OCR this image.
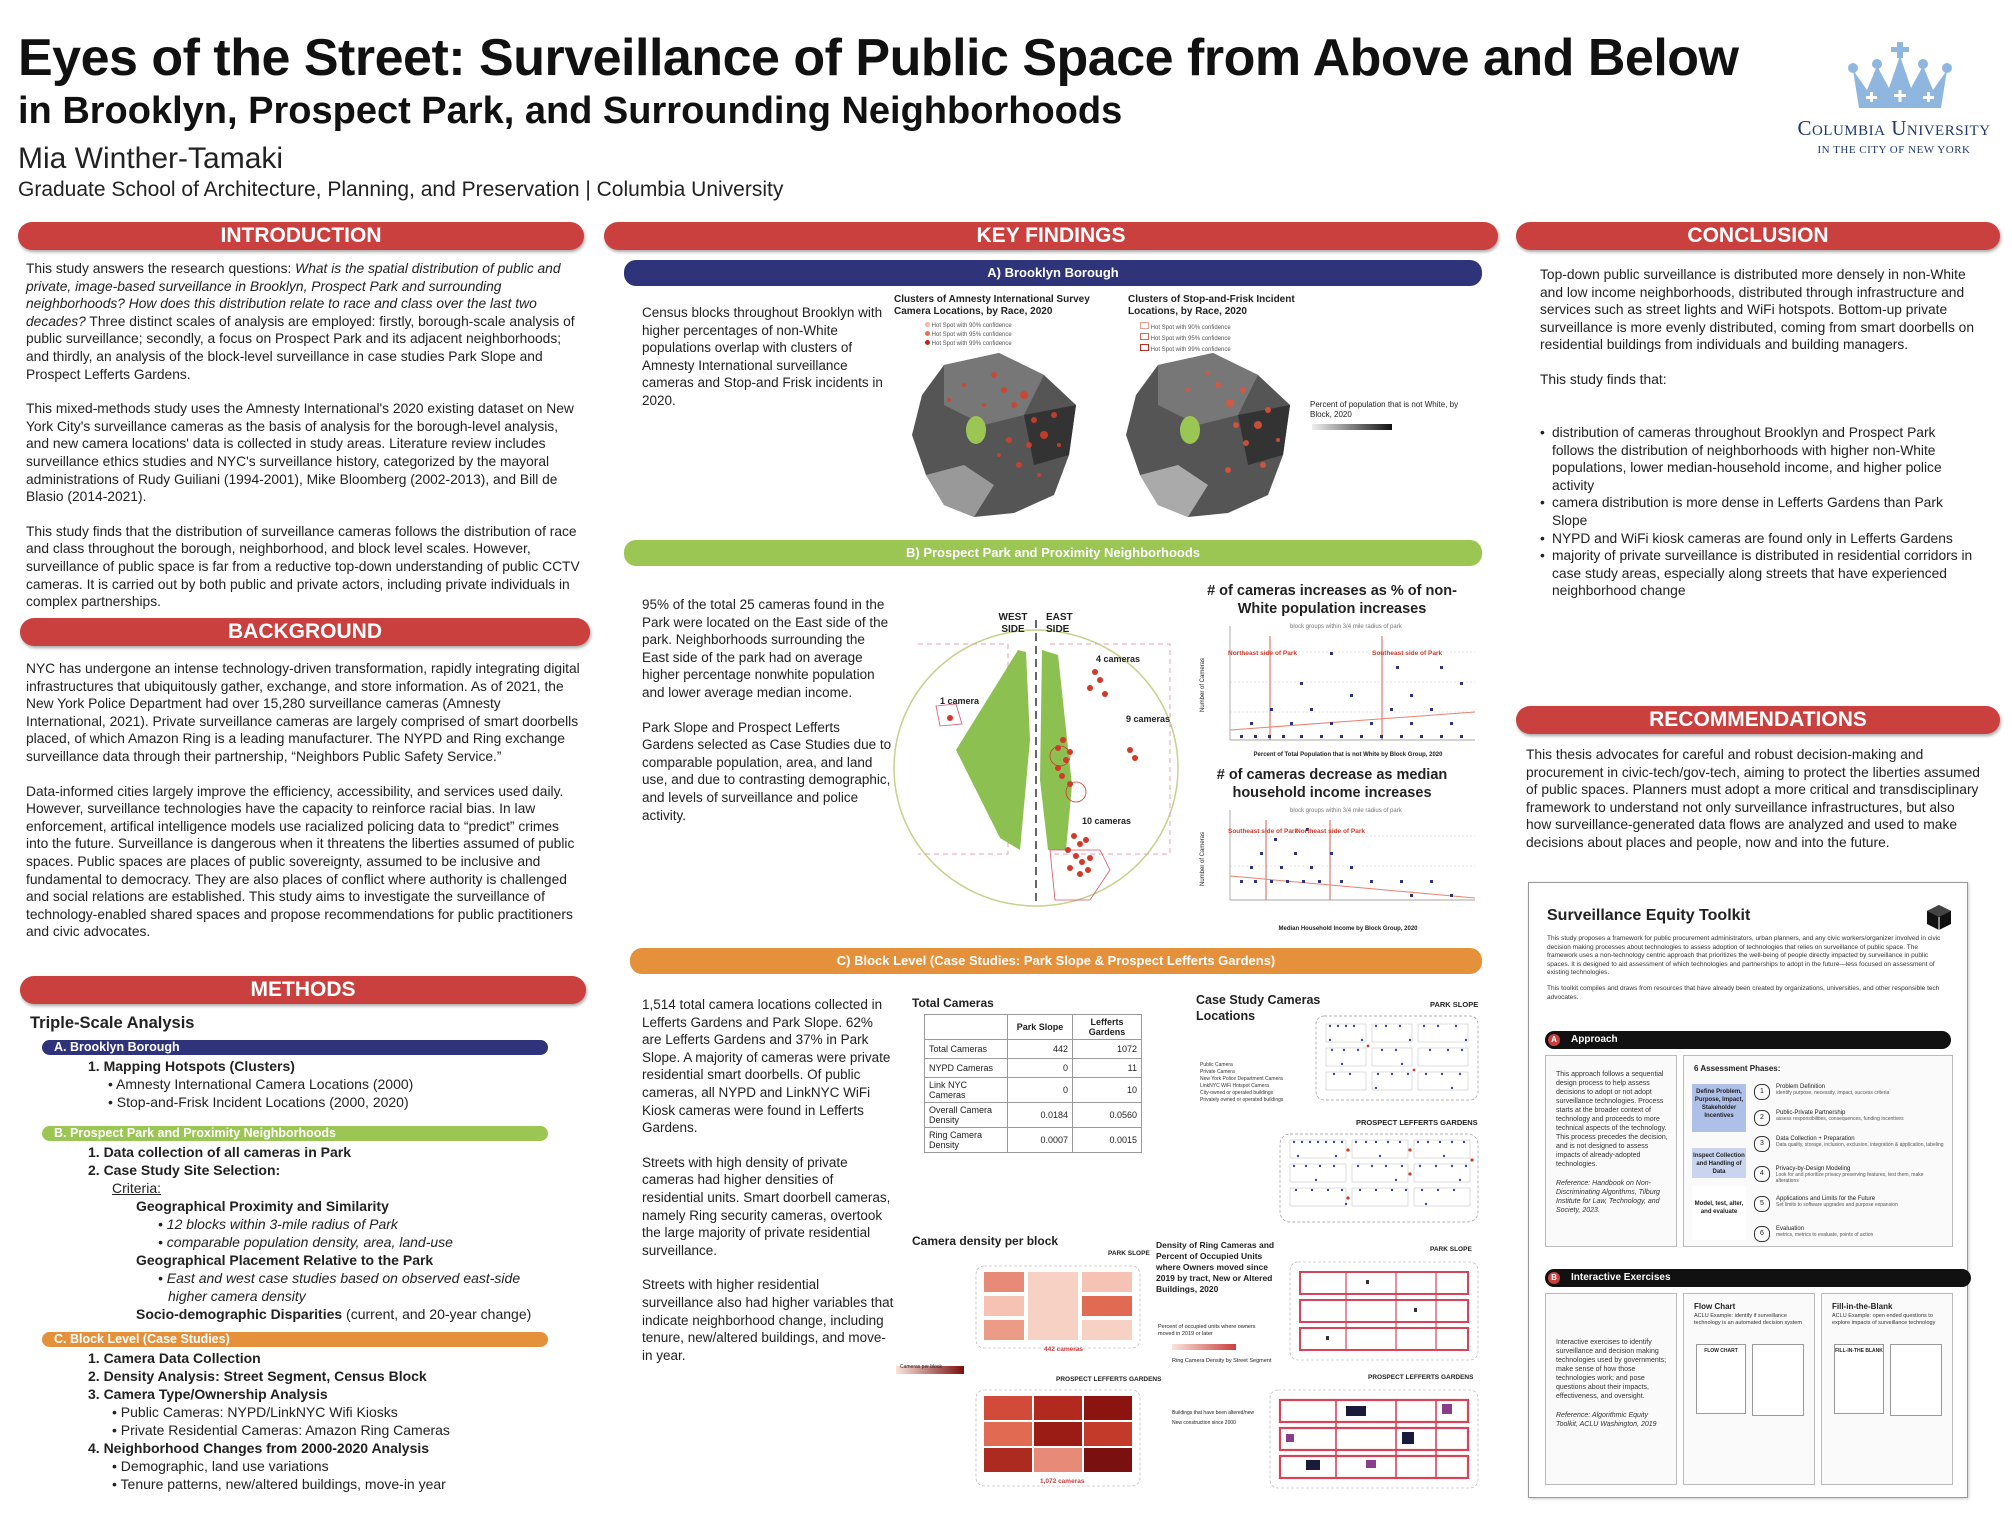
Eyes of the Street: Surveillance of Public Space from Above and Below
in Brooklyn, Prospect Park, and Surrounding Neighborhoods
Mia Winther-Tamaki
Graduate School of Architecture, Planning, and Preservation | Columbia University
Columbia University
IN THE CITY OF NEW YORK
INTRODUCTION

This study answers the research questions: What is the spatial distribution of public and private, image-based surveillance in Brooklyn, Prospect Park and surrounding neighborhoods? How does this distribution relate to race and class over the last two decades? Three distinct scales of analysis are employed: firstly, borough-scale analysis of public surveillance; secondly, a focus on Prospect Park and its adjacent neighborhoods; and thirdly, an analysis of the block-level surveillance in case studies Park Slope and Prospect Lefferts Gardens.

This mixed-methods study uses the Amnesty International's 2020 existing dataset on New York City's surveillance cameras as the basis of analysis for the borough-level analysis, and new camera locations' data is collected in study areas. Literature review includes surveillance ethics studies and NYC's surveillance history, categorized by the mayoral administrations of Rudy Guiliani (1994-2001), Mike Bloomberg (2002-2013), and Bill de Blasio (2014-2021).

This study finds that the distribution of surveillance cameras follows the distribution of race and class throughout the borough, neighborhood, and block level scales. However, surveillance of public space is far from a reductive top-down understanding of public CCTV cameras. It is carried out by both public and private actors, including private individuals in complex partnerships.

BACKGROUND

NYC has undergone an intense technology-driven transformation, rapidly integrating digital infrastructures that ubiquitously gather, exchange, and store information. As of 2021, the New York Police Department had over 15,280 surveillance cameras (Amnesty International, 2021). Private surveillance cameras are largely comprised of smart doorbells placed, of which Amazon Ring is a leading manufacturer. The NYPD and Ring exchange surveillance data through their partnership, “Neighbors Public Safety Service.”

Data-informed cities largely improve the efficiency, accessibility, and services used daily. However, surveillance technologies have the capacity to reinforce racial bias. In law enforcement, artifical intelligence models use racialized policing data to “predict” crimes into the future. Surveillance is dangerous when it threatens the liberties assumed of public spaces. Public spaces are places of public sovereignty, assumed to be inclusive and fundamental to democracy. They are also places of conflict where authority is challenged and social relations are established. This study aims to investigate the surveillance of technology-enabled shared spaces and propose recommendations for public practitioners and civic advocates.

METHODS
Triple-Scale Analysis
A. Brooklyn Borough
1. Mapping Hotspots (Clusters)
• Amnesty International Camera Locations (2000)
• Stop-and-Frisk Incident Locations (2000, 2020)
B. Prospect Park and Proximity Neighborhoods
1. Data collection of all cameras in Park
2. Case Study Site Selection:
Criteria:
Geographical Proximity and Similarity
• 12 blocks within 3-mile radius of Park
• comparable population density, area, land-use
Geographical Placement Relative to the Park
• East and west case studies based on observed east-side
higher camera density
Socio-demographic Disparities (current, and 20-year change)
C. Block Level (Case Studies)
1. Camera Data Collection
2. Density Analysis: Street Segment, Census Block
3. Camera Type/Ownership Analysis
• Public Cameras: NYPD/LinkNYC Wifi Kiosks
• Private Residential Cameras: Amazon Ring Cameras
4. Neighborhood Changes from 2000-2020 Analysis
• Demographic, land use variations
• Tenure patterns, new/altered buildings, move-in year
KEY FINDINGS
A) Brooklyn Borough
Census blocks throughout Brooklyn with higher percentages of non-White populations overlap with clusters of Amnesty International surveillance cameras and Stop-and Frisk incidents in 2020.
Clusters of Amnesty International Survey Camera Locations, by Race, 2020
Clusters of Stop-and-Frisk Incident Locations, by Race, 2020
Hot Spot with 90% confidence
Hot Spot with 95% confidence
Hot Spot with 99% confidence
Hot Spot with 90% confidence
Hot Spot with 95% confidence
Hot Spot with 99% confidence
Percent of population that is not White, by Block, 2020
B) Prospect Park and Proximity Neighborhoods

95% of the total 25 cameras found in the Park were located on the East side of the park. Neighborhoods surrounding the East side of the park had on average higher percentage nonwhite population and lower average median income.

Park Slope and Prospect Lefferts Gardens selected as Case Studies due to comparable population, area, and land use, and due to contrasting demographic, and levels of surveillance and police activity.

WEST SIDE
EAST SIDE
1 camera
4 cameras
9 cameras
10 cameras
# of cameras increases as % of non-White population increases
block groups within 3/4 mile radius of park
Northeast side of Park	Southeast side of Park
Percent of Total Population that is not White by Block Group, 2020
Number of Cameras
# of cameras decrease as median household income increases
block groups within 3/4 mile radius of park
Southeast side of Park
Northeast side of Park
Median Household Income by Block Group, 2020
Number of Cameras
C) Block Level (Case Studies: Park Slope & Prospect Lefferts Gardens)

1,514 total camera locations collected in Lefferts Gardens and Park Slope. 62% are Lefferts Gardens and 37% in Park Slope. A majority of cameras were private residential smart doorbells. Of public cameras, all NYPD and LinkNYC WiFi Kiosk cameras were found in Lefferts Gardens.

Streets with high density of private cameras had higher densities of residential units. Smart doorbell cameras, namely Ring security cameras, overtook the large majority of private residential surveillance.

Streets with higher residential surveillance also had higher variables that indicate neighborhood change, including tenure, new/altered buildings, and move-in year.

Total Cameras
	Park Slope	Lefferts Gardens
Total Cameras	442	1072
NYPD Cameras	0	11
Link NYC Cameras	0	10
Overall Camera Density	0.0184	0.0560
Ring Camera Density	0.0007	0.0015
Case Study Cameras Locations
Public Camera
Private Camera
New York Police Department Camera
LinkNYC WiFi Hotspot Camera
City-owned or operated buildings
Privately owned or operated buildings
PARK SLOPE
PROSPECT LEFFERTS GARDENS
Camera density per block
PARK SLOPE
442 cameras
Cameras per block
PROSPECT LEFFERTS GARDENS
1,072 cameras
Density of Ring Cameras and Percent of Occupied Units where Owners moved since 2019 by tract, New or Altered Buildings, 2020
Percent of occupied units where owners moved in 2019 or later
Ring Camera Density by Street Segment
Buildings that have been altered/new
New construction since 2000
PARK SLOPE
PROSPECT LEFFERTS GARDENS
CONCLUSION

Top-down public surveillance is distributed more densely in non-White and low income neighborhoods, distributed through infrastructure and services such as street lights and WiFi hotspots. Bottom-up private surveillance is more evenly distributed, coming from smart doorbells on residential buildings from individuals and building managers.

This study finds that:

• distribution of cameras throughout Brooklyn and Prospect Park follows the distribution of neighborhoods with higher non-White populations, lower median-household income, and higher police activity
• camera distribution is more dense in Lefferts Gardens than Park Slope
• NYPD and WiFi kiosk cameras are found only in Lefferts Gardens
• majority of private surveillance is distributed in residential corridors in case study areas, especially along streets that have experienced neighborhood change
RECOMMENDATIONS
This thesis advocates for careful and robust decision-making and procurement in civic-tech/gov-tech, aiming to protect the liberties assumed of public spaces. Planners must adopt a more critical and transdisciplinary framework to understand not only surveillance infrastructures, but also how surveillance-generated data flows are analyzed and used to make decisions about places and people, now and into the future.
Surveillance Equity Toolkit
This study proposes a framework for public procurement administrators, urban planners, and any civic workers/organizer involved in civic decision making processes about technologies to assess adoption of technologies that relies on surveillance of public space. The framework uses a non-technology centric approach that prioritizes the well-being of people directly impacted by surveillance in public spaces. It is designed to aid assessment of which technologies and partnerships to adopt in the future—less focused on assessment of existing technologies.
This toolkit compiles and draws from resources that have already been created by organizations, universities, and other responsible tech advocates.
A	Approach
This approach follows a sequential design process to help assess decisions to adopt or not adopt surveillance technologies. Process starts at the broader context of technology and proceeds to more technical aspects of the technology. This process precedes the decision, and is not designed to assess impacts of already-adopted technologies.
Reference: Handbook on Non-Discriminating Algorithms, Tilburg Institute for Law, Technology, and Society, 2023.
6 Assessment Phases:
Define Problem, Purpose, Impact, Stakeholder Incentives
Inspect Collection and Handling of Data
Model, test, alter, and evaluate
1
Problem Definition
identify purpose, necessity, impact, success criteria
2
Public-Private Partnership
assess responsibilities, consequences, funding incentives
3
Data Collection + Preparation
Data quality, storage, inclusion, exclusion, integration & application, labeling
4
Privacy-by-Design Modeling
Look for and prioritize privacy preserving features, test them, make alterations
5
Applications and Limits for the Future
Set limits to software upgrades and purpose expansion
6
Evaluation
metrics, metrics to evaluate, points of action
B	Interactive Exercises
Interactive exercises to identify surveillance and decision making technologies used by governments; make sense of how those technologies work; and pose questions about their impacts, effectiveness, and oversight.
Reference: Algorithmic Equity Toolkit, ACLU Washington, 2019
Flow Chart
ACLU Example: identify if surveillance technology is an automated decision system
FLOW CHART
Fill-in-the-Blank
ACLU Example: open ended questions to explore impacts of surveillance technology
FILL-IN-THE BLANK
